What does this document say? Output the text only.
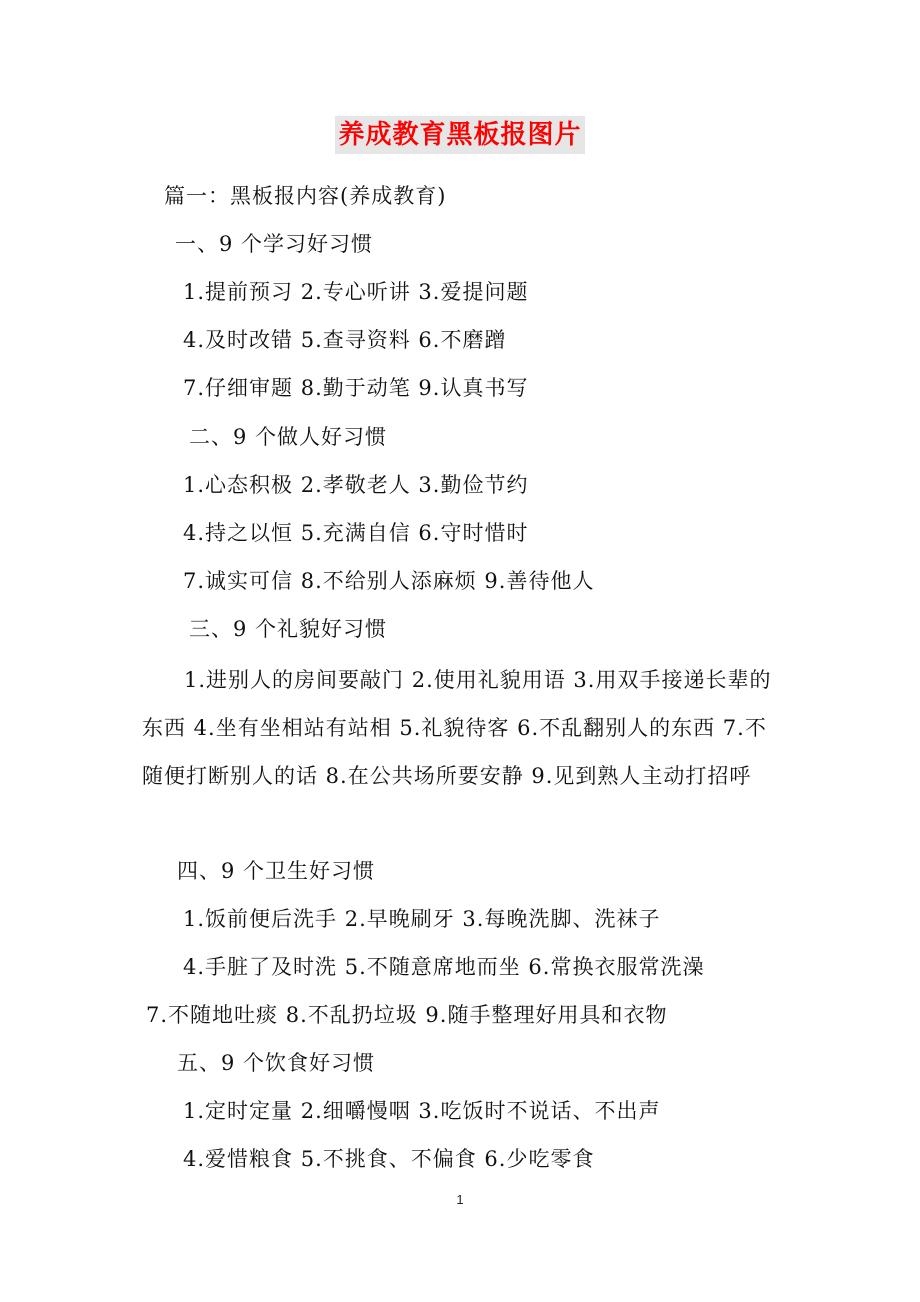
养成教育黑板报图片
篇一：黑板报内容(养成教育)
一、9 个学习好习惯
1.提前预习 2.专心听讲 3.爱提问题
4.及时改错 5.查寻资料 6.不磨蹭
7.仔细审题 8.勤于动笔 9.认真书写
二、9 个做人好习惯
1.心态积极 2.孝敬老人 3.勤俭节约
4.持之以恒 5.充满自信 6.守时惜时
7.诚实可信 8.不给别人添麻烦 9.善待他人
三、9 个礼貌好习惯
1.进别人的房间要敲门 2.使用礼貌用语 3.用双手接递长辈的东西 4.坐有坐相站有站相 5.礼貌待客 6.不乱翻别人的东西 7.不随便打断别人的话 8.在公共场所要安静 9.见到熟人主动打招呼
四、9 个卫生好习惯
1.饭前便后洗手 2.早晚刷牙 3.每晚洗脚、洗袜子
4.手脏了及时洗 5.不随意席地而坐 6.常换衣服常洗澡
7.不随地吐痰 8.不乱扔垃圾 9.随手整理好用具和衣物
五、9 个饮食好习惯
1.定时定量 2.细嚼慢咽 3.吃饭时不说话、不出声
4.爱惜粮食 5.不挑食、不偏食 6.少吃零食
1
